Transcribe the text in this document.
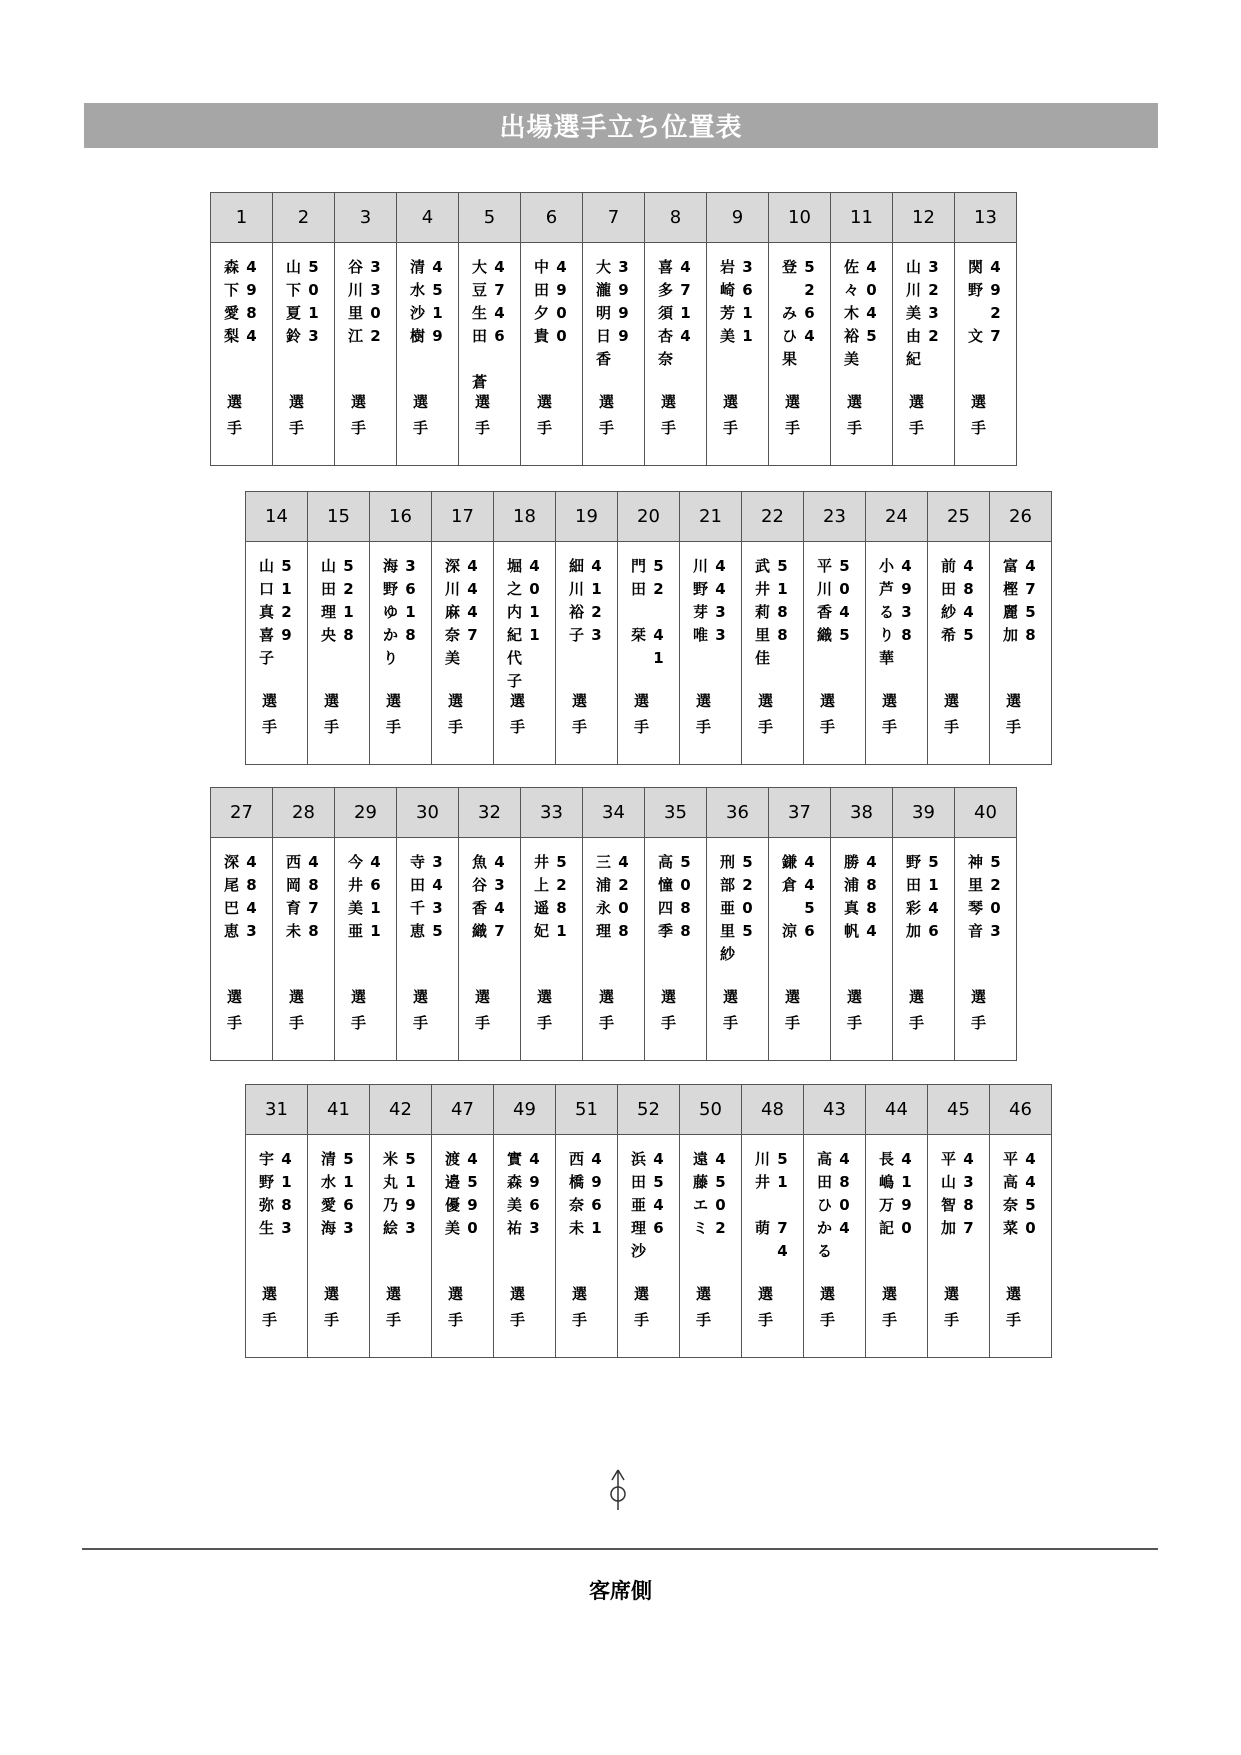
出場選手立ち位置表
1
森
下
愛
梨
4
9
8
4
選
手
2
山
下
夏
鈴
5
0
1
3
選
手
3
谷
川
里
江
3
3
0
2
選
手
4
清
水
沙
樹
4
5
1
9
選
手
5
大
豆
生
田

蒼
4
7
4
6
選
手
6
中
田
夕
貴
4
9
0
0
選
手
7
大
瀧
明
日
香
3
9
9
9
選
手
8
喜
多
須
杏
奈
4
7
1
4
選
手
9
岩
崎
芳
美
3
6
1
1
選
手
10
登

み
ひ
果
5
2
6
4
選
手
11
佐
々
木
裕
美
4
0
4
5
選
手
12
山
川
美
由
紀
3
2
3
2
選
手
13
関
野

文
4
9
2
7
選
手
14
山
口
真
喜
子
5
1
2
9
選
手
15
山
田
理
央
5
2
1
8
選
手
16
海
野
ゆ
か
り
3
6
1
8
選
手
17
深
川
麻
奈
美
4
4
4
7
選
手
18
堀
之
内
紀
代
子
4
0
1
1
選
手
19
細
川
裕
子
4
1
2
3
選
手
20
門
田

栞
5
2

4
1
選
手
21
川
野
芽
唯
4
4
3
3
選
手
22
武
井
莉
里
佳
5
1
8
8
選
手
23
平
川
香
織
5
0
4
5
選
手
24
小
芦
る
り
華
4
9
3
8
選
手
25
前
田
紗
希
4
8
4
5
選
手
26
富
樫
麗
加
4
7
5
8
選
手
27
深
尾
巴
恵
4
8
4
3
選
手
28
西
岡
育
未
4
8
7
8
選
手
29
今
井
美
亜
4
6
1
1
選
手
30
寺
田
千
恵
3
4
3
5
選
手
32
魚
谷
香
織
4
3
4
7
選
手
33
井
上
遥
妃
5
2
8
1
選
手
34
三
浦
永
理
4
2
0
8
選
手
35
高
憧
四
季
5
0
8
8
選
手
36
刑
部
亜
里
紗
5
2
0
5
選
手
37
鎌
倉

涼
4
4
5
6
選
手
38
勝
浦
真
帆
4
8
8
4
選
手
39
野
田
彩
加
5
1
4
6
選
手
40
神
里
琴
音
5
2
0
3
選
手
31
宇
野
弥
生
4
1
8
3
選
手
41
清
水
愛
海
5
1
6
3
選
手
42
米
丸
乃
絵
5
1
9
3
選
手
47
渡
邉
優
美
4
5
9
0
選
手
49
實
森
美
祐
4
9
6
3
選
手
51
西
橋
奈
未
4
9
6
1
選
手
52
浜
田
亜
理
沙
4
5
4
6
選
手
50
遠
藤
エ
ミ
4
5
0
2
選
手
48
川
井

萌
5
1

7
4
選
手
43
高
田
ひ
か
る
4
8
0
4
選
手
44
長
嶋
万
記
4
1
9
0
選
手
45
平
山
智
加
4
3
8
7
選
手
46
平
高
奈
菜
4
4
5
0
選
手
客席側
